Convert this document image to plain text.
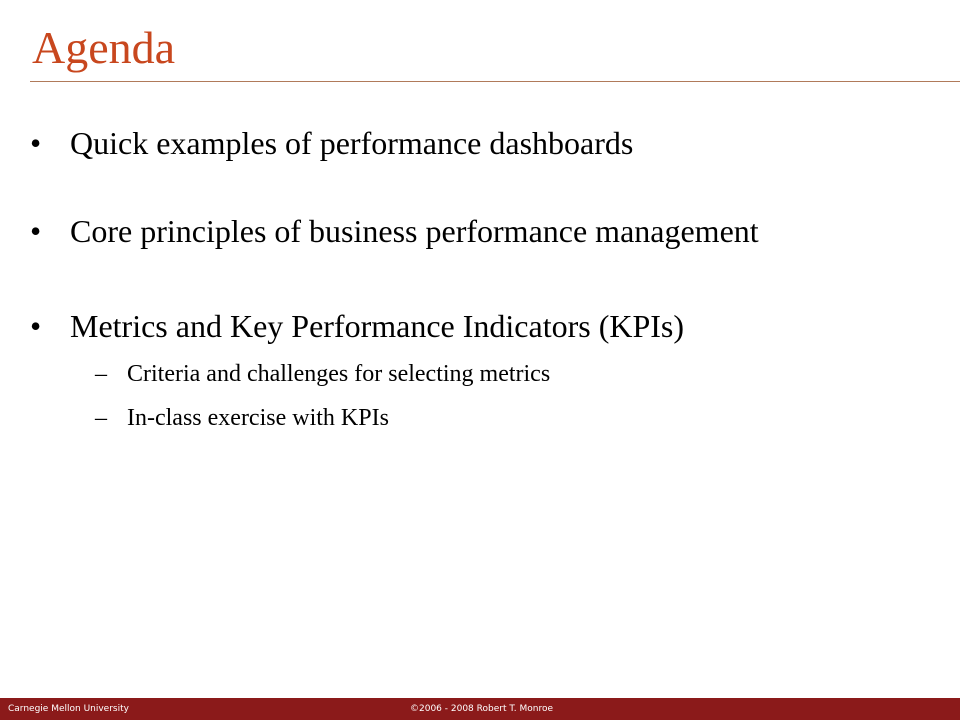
Agenda
• Quick examples of performance dashboards
• Core principles of business performance management
• Metrics and Key Performance Indicators (KPIs)
– Criteria and challenges for selecting metrics
– In-class exercise with KPIs
Carnegie Mellon University	©2006 - 2008 Robert T. Monroe
